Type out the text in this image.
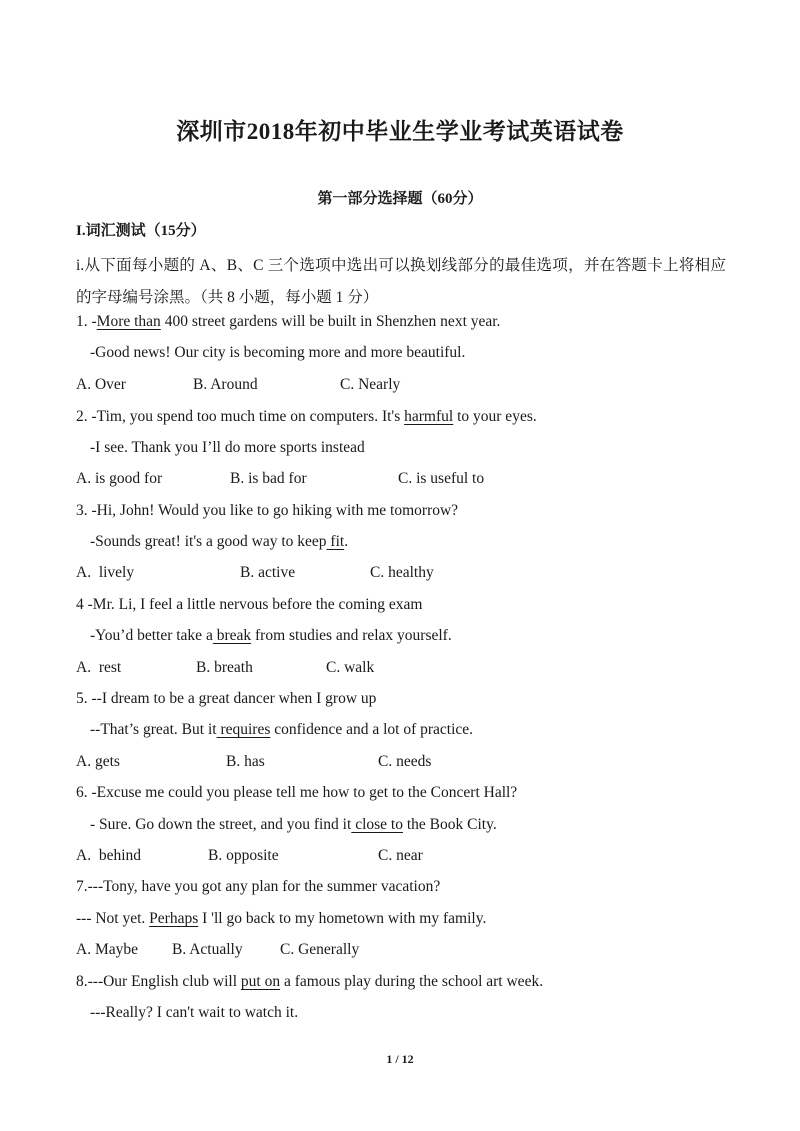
深圳市2018年初中毕业生学业考试英语试卷
第一部分选择题（60分）
I.词汇测试（15分）
i.从下面每小题的 A、B、C 三个选项中选出可以换划线部分的最佳选项，并在答题卡上将相应的字母编号涂黑。（共 8 小题，每小题 1 分）
1. -More than 400 street gardens will be built in Shenzhen next year.
-Good news! Our city is becoming more and more beautiful.
A. Over	B. Around	C. Nearly
2. -Tim, you spend too much time on computers. It's harmful to your eyes.
-I see. Thank you I’ll do more sports instead
A. is good for	B. is bad for	C. is useful to
3. -Hi, John! Would you like to go hiking with me tomorrow?
-Sounds great! it's a good way to keep fit.
A.  lively	B. active	C. healthy
4 -Mr. Li, I feel a little nervous before the coming exam
-You’d better take a break from studies and relax yourself.
A.  rest	B. breath	C. walk
5. --I dream to be a great dancer when I grow up
--That’s great. But it requires confidence and a lot of practice.
A. gets	B. has	C. needs
6. -Excuse me could you please tell me how to get to the Concert Hall?
- Sure. Go down the street, and you find it close to the Book City.
A.  behind	B. opposite	C. near
7.---Tony, have you got any plan for the summer vacation?
--- Not yet. Perhaps I 'll go back to my hometown with my family.
A. Maybe B. Actually C. Generally
8.---Our English club will put on a famous play during the school art week.
---Really? I can't wait to watch it.
1 / 12
